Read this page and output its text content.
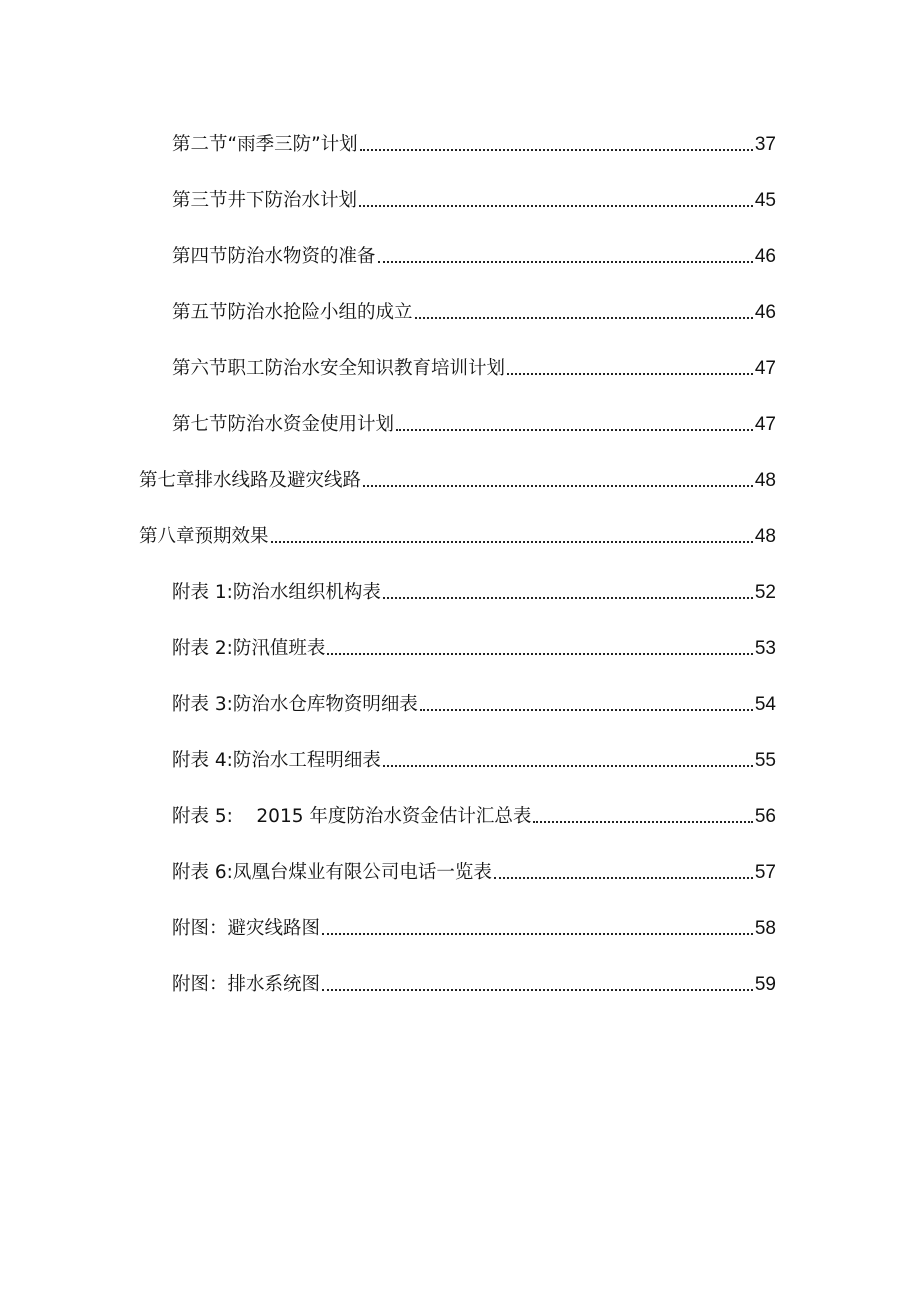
第二节“雨季三防”计划	37
第三节井下防治水计划	45
第四节防治水物资的准备	46
第五节防治水抢险小组的成立	46
第六节职工防治水安全知识教育培训计划	47
第七节防治水资金使用计划	47
第七章排水线路及避灾线路	48
第八章预期效果	48
附表 1:防治水组织机构表	52
附表 2:防汛值班表	53
附表 3:防治水仓库物资明细表	54
附表 4:防治水工程明细表	55
附表 5:    2015 年度防治水资金估计汇总表	56
附表 6:凤凰台煤业有限公司电话一览表	57
附图：避灾线路图	58
附图：排水系统图	59
